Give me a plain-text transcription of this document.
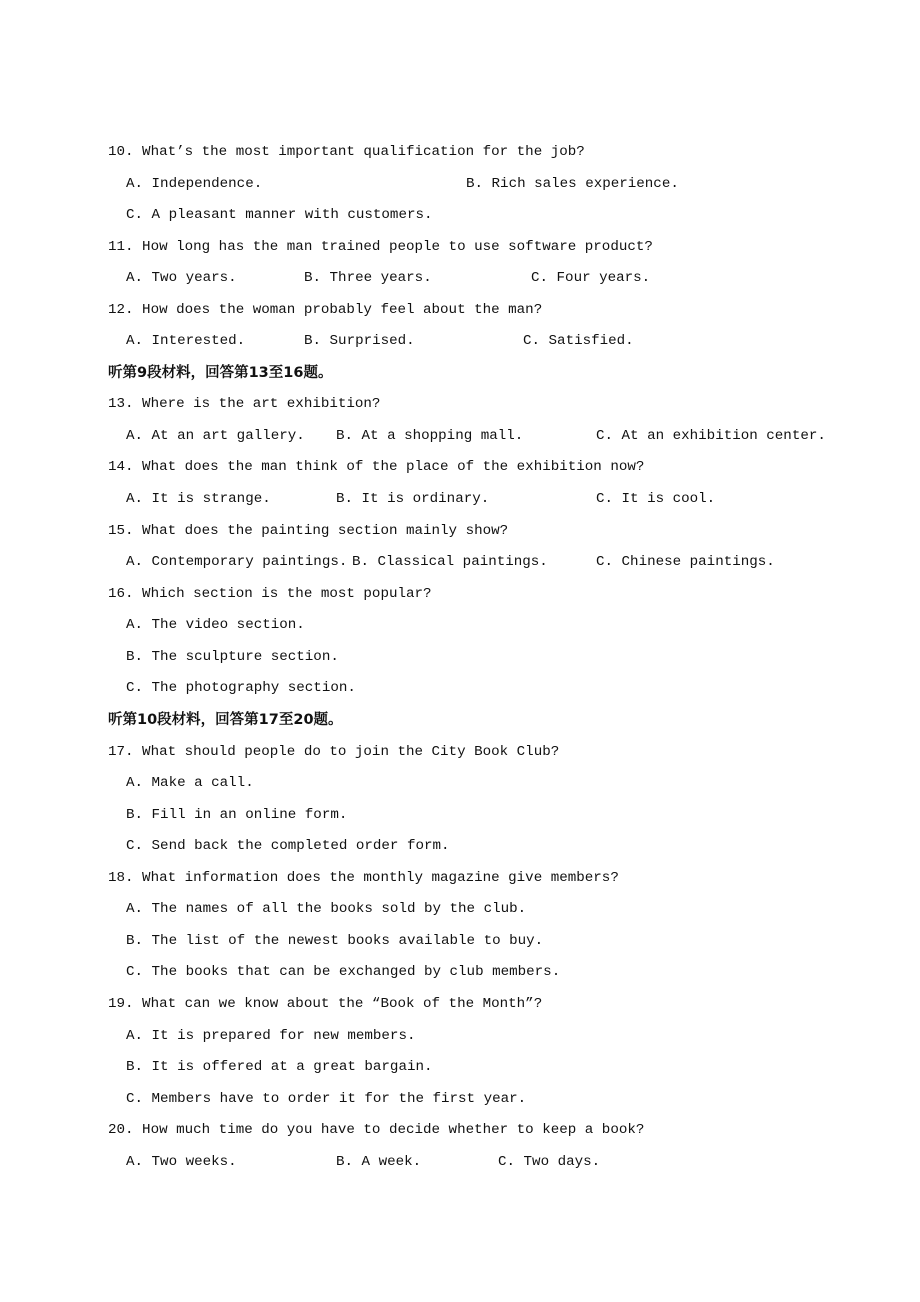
10. What’s the most important qualification for the job?
A. Independence.	B. Rich sales experience.
C. A pleasant manner with customers.
11. How long has the man trained people to use software product?
A. Two years.	B. Three years.	C. Four years.
12. How does the woman probably feel about the man?
A. Interested.	B. Surprised.	C. Satisfied.
听第9段材料，回答第13至16题。
13. Where is the art exhibition?
A. At an art gallery. B. At a shopping mall.	C. At an exhibition center.
14. What does the man think of the place of the exhibition now?
A. It is strange.	B. It is ordinary.	C. It is cool.
15. What does the painting section mainly show?
A. Contemporary paintings. B. Classical paintings.	C. Chinese paintings.
16. Which section is the most popular?
A. The video section.
B. The sculpture section.
C. The photography section.
听第10段材料，回答第17至20题。
17. What should people do to join the City Book Club?
A. Make a call.
B. Fill in an online form.
C. Send back the completed order form.
18. What information does the monthly magazine give members?
A. The names of all the books sold by the club.
B. The list of the newest books available to buy.
C. The books that can be exchanged by club members.
19. What can we know about the “Book of the Month”?
A. It is prepared for new members.
B. It is offered at a great bargain.
C. Members have to order it for the first year.
20. How much time do you have to decide whether to keep a book?
A. Two weeks.	B. A week.	C. Two days.
